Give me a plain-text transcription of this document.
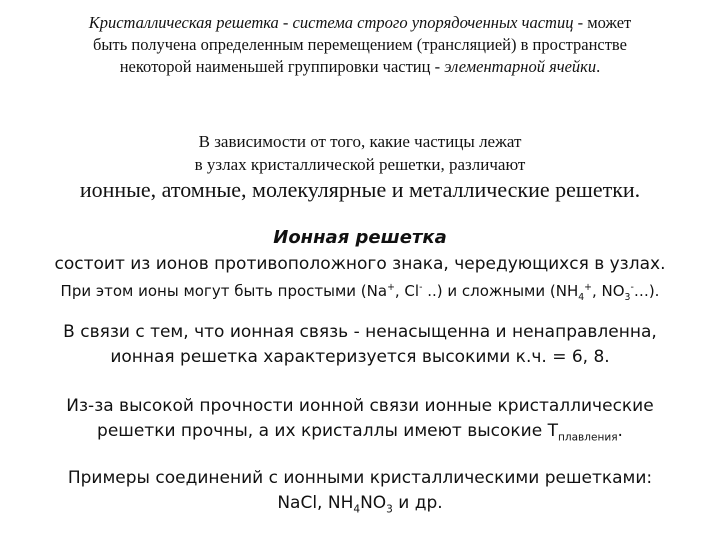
Кристаллическая решетка - система строго упорядоченных частиц - может
быть получена определенным перемещением (трансляцией) в пространстве
некоторой наименьшей группировки частиц - элементарной ячейки.
В зависимости от того, какие частицы лежат
в узлах кристаллической решетки, различают
ионные, атомные, молекулярные и металлические решетки.
Ионная решетка
состоит из ионов противоположного знака, чередующихся в узлах.
При этом ионы могут быть простыми (Na+, Cl- ..) и сложными ($NH_4^+$, $NO_3^-\dots$).
В связи с тем, что ионная связь - ненасыщенна и ненаправленна,
ионная решетка характеризуется высокими к.ч. = 6, 8.
Из-за высокой прочности ионной связи ионные кристаллические
решетки прочны, а их кристаллы имеют высокие $Т_{плавления}$.
Примеры соединений с ионными кристаллическими решетками:
NaCl, $NH_4NO_3$ и др.
